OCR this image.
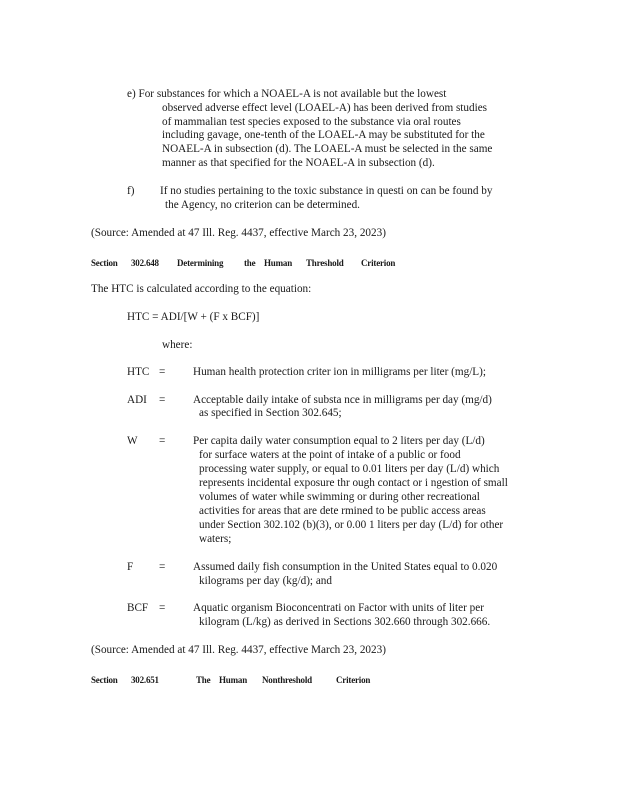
e) For substances for which a NOAEL-A is not available but the lowest
observed adverse effect level (LOAEL-A) has been derived from studies
of mammalian test species exposed to the substance via oral routes
including gavage, one-tenth of the LOAEL-A may be substituted for the
NOAEL-A in subsection (d). The LOAEL-A must be selected in the same
manner as that specified for the NOAEL-A in subsection (d).
f) If no studies pertaining to the toxic substance in questi on can be found by
the Agency, no criterion can be determined.
(Source: Amended at 47 Ill. Reg. 4437, effective March 23, 2023)
Section 302.648 Determining the Human Threshold Criterion
The HTC is calculated according to the equation:
HTC = ADI/[W + (F x BCF)]
where:
HTC = Human health protection criter ion in milligrams per liter (mg/L);
ADI = Acceptable daily intake of substa nce in milligrams per day (mg/d)
as specified in Section 302.645;
W = Per capita daily water consumption equal to 2 liters per day (L/d)
for surface waters at the point of intake of a public or food
processing water supply, or equal to 0.01 liters per day (L/d) which
represents incidental exposure thr ough contact or i ngestion of small
volumes of water while swimming or during other recreational
activities for areas that are dete rmined to be public access areas
under Section 302.102 (b)(3), or 0.00 1 liters per day (L/d) for other
waters;
F = Assumed daily fish consumption in the United States equal to 0.020
kilograms per day (kg/d); and
BCF = Aquatic organism Bioconcentrati on Factor with units of liter per
kilogram (L/kg) as derived in Sections 302.660 through 302.666.
(Source: Amended at 47 Ill. Reg. 4437, effective March 23, 2023)
Section 302.651	The Human Nonthreshold	Criterion
